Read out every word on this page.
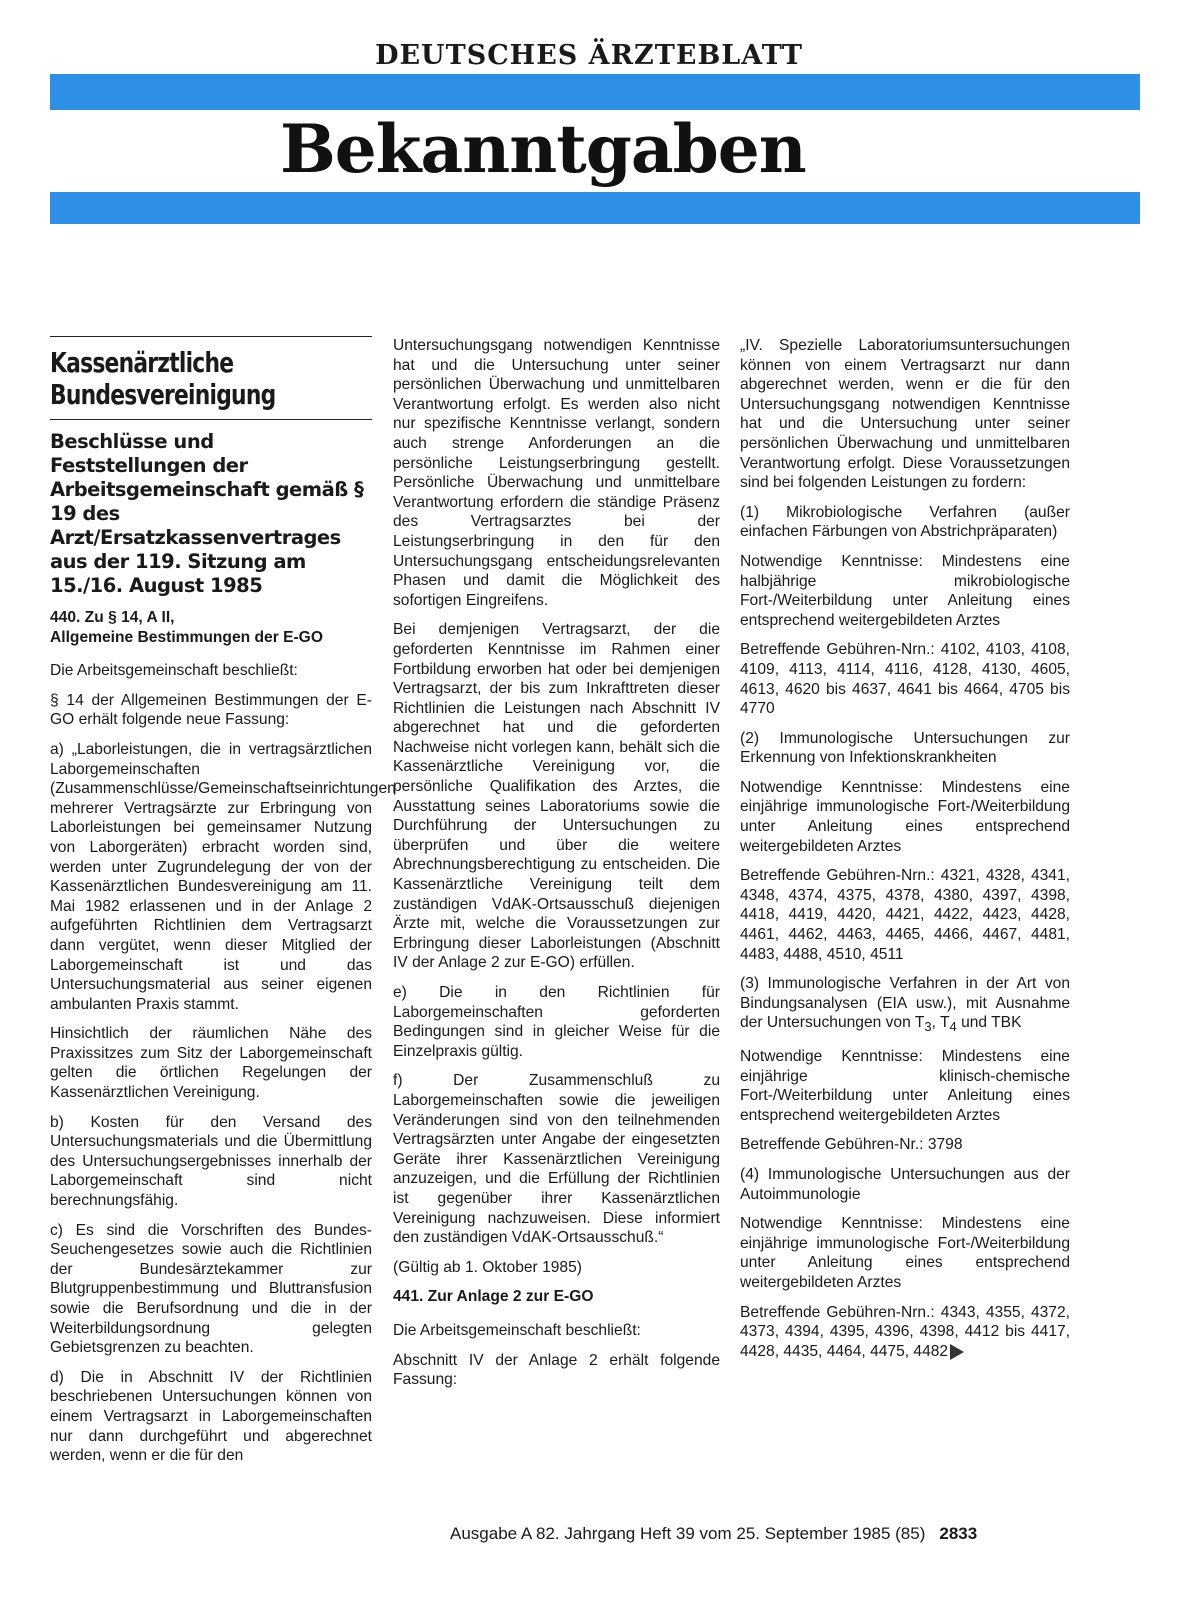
DEUTSCHES ÄRZTEBLATT
Bekanntgaben
Kassenärztliche Bundesvereinigung
Beschlüsse und Feststellungen der Arbeitsgemeinschaft gemäß § 19 des Arzt/Ersatzkassenvertrages aus der 119. Sitzung am 15./16. August 1985

440. Zu § 14, A II,
Allgemeine Bestimmungen der E-GO

Die Arbeitsgemeinschaft beschließt:

§ 14 der Allgemeinen Bestimmungen der E-GO erhält folgende neue Fassung:

a) „Laborleistungen, die in vertragsärztlichen Laborgemeinschaften (Zusammenschlüsse/Gemeinschaftseinrichtungen mehrerer Vertragsärzte zur Erbringung von Laborleistungen bei gemeinsamer Nutzung von Laborgeräten) erbracht worden sind, werden unter Zugrundelegung der von der Kassenärztlichen Bundesvereinigung am 11. Mai 1982 erlassenen und in der Anlage 2 aufgeführten Richtlinien dem Vertragsarzt dann vergütet, wenn dieser Mitglied der Laborgemeinschaft ist und das Untersuchungsmaterial aus seiner eigenen ambulanten Praxis stammt.

Hinsichtlich der räumlichen Nähe des Praxissitzes zum Sitz der Laborgemeinschaft gelten die örtlichen Regelungen der Kassenärztlichen Vereinigung.

b) Kosten für den Versand des Untersuchungsmaterials und die Übermittlung des Untersuchungsergebnisses innerhalb der Laborgemeinschaft sind nicht berechnungsfähig.

c) Es sind die Vorschriften des Bundes-Seuchengesetzes sowie auch die Richtlinien der Bundesärztekammer zur Blutgruppenbestimmung und Bluttransfusion sowie die Berufsordnung und die in der Weiterbildungsordnung gelegten Gebietsgrenzen zu beachten.

d) Die in Abschnitt IV der Richtlinien beschriebenen Untersuchungen können von einem Vertragsarzt in Laborgemeinschaften nur dann durchgeführt und abgerechnet werden, wenn er die für den

Untersuchungsgang notwendigen Kenntnisse hat und die Untersuchung unter seiner persönlichen Überwachung und unmittelbaren Verantwortung erfolgt. Es werden also nicht nur spezifische Kenntnisse verlangt, sondern auch strenge Anforderungen an die persönliche Leistungserbringung gestellt. Persönliche Überwachung und unmittelbare Verantwortung erfordern die ständige Präsenz des Vertragsarztes bei der Leistungserbringung in den für den Untersuchungsgang entscheidungsrelevanten Phasen und damit die Möglichkeit des sofortigen Eingreifens.

Bei demjenigen Vertragsarzt, der die geforderten Kenntnisse im Rahmen einer Fortbildung erworben hat oder bei demjenigen Vertragsarzt, der bis zum Inkrafttreten dieser Richtlinien die Leistungen nach Abschnitt IV abgerechnet hat und die geforderten Nachweise nicht vorlegen kann, behält sich die Kassenärztliche Vereinigung vor, die persönliche Qualifikation des Arztes, die Ausstattung seines Laboratoriums sowie die Durchführung der Untersuchungen zu überprüfen und über die weitere Abrechnungsberechtigung zu entscheiden. Die Kassenärztliche Vereinigung teilt dem zuständigen VdAK-Ortsausschuß diejenigen Ärzte mit, welche die Voraussetzungen zur Erbringung dieser Laborleistungen (Abschnitt IV der Anlage 2 zur E-GO) erfüllen.

e) Die in den Richtlinien für Laborgemeinschaften geforderten Bedingungen sind in gleicher Weise für die Einzelpraxis gültig.

f) Der Zusammenschluß zu Laborgemeinschaften sowie die jeweiligen Veränderungen sind von den teilnehmenden Vertragsärzten unter Angabe der eingesetzten Geräte ihrer Kassenärztlichen Vereinigung anzuzeigen, und die Erfüllung der Richtlinien ist gegenüber ihrer Kassenärztlichen Vereinigung nachzuweisen. Diese informiert den zuständigen VdAK-Ortsausschuß.“

(Gültig ab 1. Oktober 1985)

441. Zur Anlage 2 zur E-GO

Die Arbeitsgemeinschaft beschließt:

Abschnitt IV der Anlage 2 erhält folgende Fassung:

„IV. Spezielle Laboratoriumsuntersuchungen können von einem Vertragsarzt nur dann abgerechnet werden, wenn er die für den Untersuchungsgang notwendigen Kenntnisse hat und die Untersuchung unter seiner persönlichen Überwachung und unmittelbaren Verantwortung erfolgt. Diese Voraussetzungen sind bei folgenden Leistungen zu fordern:

(1) Mikrobiologische Verfahren (außer einfachen Färbungen von Abstrichpräparaten)

Notwendige Kenntnisse: Mindestens eine halbjährige mikrobiologische Fort-/Weiterbildung unter Anleitung eines entsprechend weitergebildeten Arztes

Betreffende Gebühren-Nrn.: 4102, 4103, 4108, 4109, 4113, 4114, 4116, 4128, 4130, 4605, 4613, 4620 bis 4637, 4641 bis 4664, 4705 bis 4770

(2) Immunologische Untersuchungen zur Erkennung von Infektionskrankheiten

Notwendige Kenntnisse: Mindestens eine einjährige immunologische Fort-/Weiterbildung unter Anleitung eines entsprechend weitergebildeten Arztes

Betreffende Gebühren-Nrn.: 4321, 4328, 4341, 4348, 4374, 4375, 4378, 4380, 4397, 4398, 4418, 4419, 4420, 4421, 4422, 4423, 4428, 4461, 4462, 4463, 4465, 4466, 4467, 4481, 4483, 4488, 4510, 4511

(3) Immunologische Verfahren in der Art von Bindungsanalysen (EIA usw.), mit Ausnahme der Untersuchungen von $T_3$, $T_4$ und TBK

Notwendige Kenntnisse: Mindestens eine einjährige klinisch-chemische Fort-/Weiterbildung unter Anleitung eines entsprechend weitergebildeten Arztes

Betreffende Gebühren-Nr.: 3798

(4) Immunologische Untersuchungen aus der Autoimmunologie

Notwendige Kenntnisse: Mindestens eine einjährige immunologische Fort-/Weiterbildung unter Anleitung eines entsprechend weitergebildeten Arztes

Betreffende Gebühren-Nrn.: 4343, 4355, 4372, 4373, 4394, 4395, 4396, 4398, 4412 bis 4417, 4428, 4435, 4464, 4475, 4482

Ausgabe A 82. Jahrgang Heft 39 vom 25. September 1985 (85) 2833
